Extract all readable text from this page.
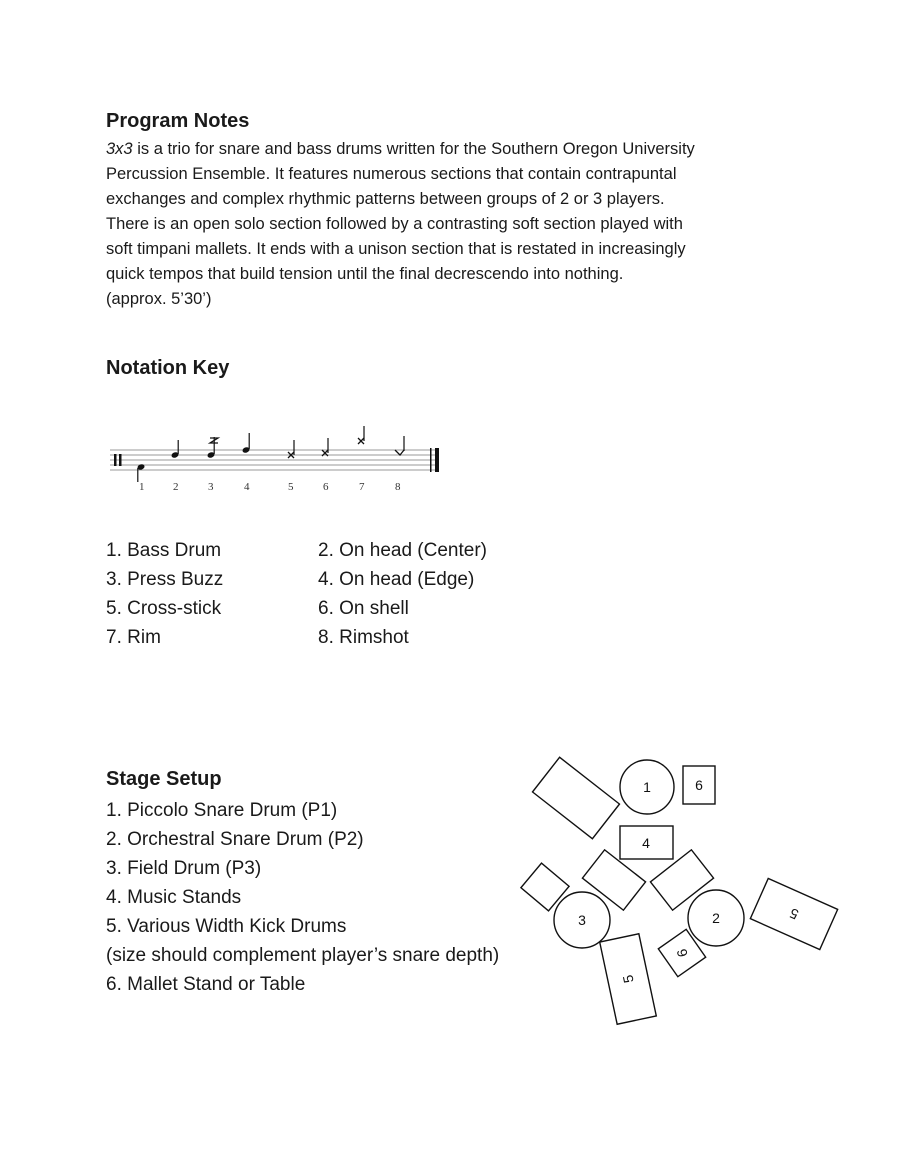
Program Notes
3x3 is a trio for snare and bass drums written for the Southern Oregon University
Percussion Ensemble. It features numerous sections that contain contrapuntal
exchanges and complex rhythmic patterns between groups of 2 or 3 players.
There is an open solo section followed by a contrasting soft section played with
soft timpani mallets. It ends with a unison section that is restated in increasingly
quick tempos that build tension until the final decrescendo into nothing.
(approx. 5’30’)
Notation Key
1	2	3	4	5	6	7	8
1. Bass Drum	2. On head (Center)
3. Press Buzz	4. On head (Edge)
5. Cross-stick	6. On shell
7. Rim	8. Rimshot
Stage Setup
1. Piccolo Snare Drum (P1)
2. Orchestral Snare Drum (P2)
3. Field Drum (P3)
4. Music Stands
5. Various Width Kick Drums
(size should complement player’s snare depth)
6. Mallet Stand or Table
1	6
4
3	2	5
5
6
